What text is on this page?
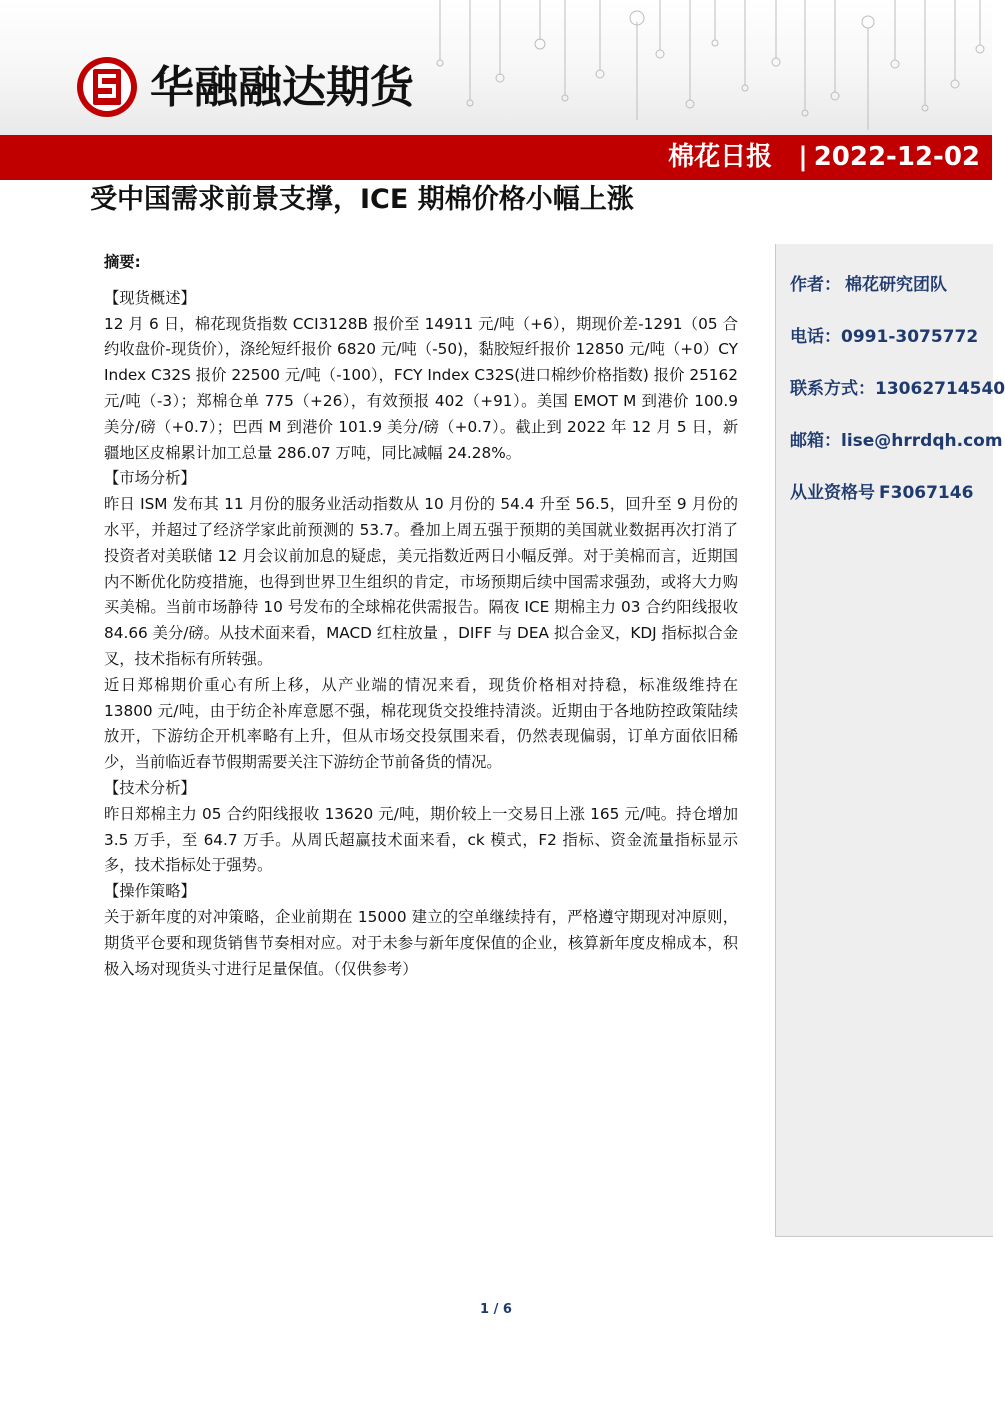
华融融达期货
棉花日报 | 2022-12-02
受中国需求前景支撑，ICE 期棉价格小幅上涨

摘要:

【现货概述】

12 月 6 日，棉花现货指数 CCI3128B 报价至 14911 元/吨（+6），期现价差-1291（05 合约收盘价-现货价），涤纶短纤报价 6820 元/吨（-50)，黏胶短纤报价 12850 元/吨（+0）CY Index C32S 报价 22500 元/吨（-100），FCY Index C32S(进口棉纱价格指数) 报价 25162 元/吨（-3）；郑棉仓单 775（+26），有效预报 402（+91）。美国 EMOT M 到港价 100.9 美分/磅（+0.7）；巴西 M 到港价 101.9 美分/磅（+0.7）。截止到 2022 年 12 月 5 日，新疆地区皮棉累计加工总量 286.07 万吨，同比减幅 24.28%。

【市场分析】

昨日 ISM 发布其 11 月份的服务业活动指数从 10 月份的 54.4 升至 56.5，回升至 9 月份的水平，并超过了经济学家此前预测的 53.7。叠加上周五强于预期的美国就业数据再次打消了投资者对美联储 12 月会议前加息的疑虑，美元指数近两日小幅反弹。对于美棉而言，近期国内不断优化防疫措施，也得到世界卫生组织的肯定，市场预期后续中国需求强劲，或将大力购买美棉。当前市场静待 10 号发布的全球棉花供需报告。隔夜 ICE 期棉主力 03 合约阳线报收 84.66 美分/磅。从技术面来看，MACD 红柱放量 ，DIFF 与 DEA 拟合金叉，KDJ 指标拟合金叉，技术指标有所转强。

近日郑棉期价重心有所上移，从产业端的情况来看，现货价格相对持稳，标准级维持在 13800 元/吨，由于纺企补库意愿不强，棉花现货交投维持清淡。近期由于各地防控政策陆续放开，下游纺企开机率略有上升，但从市场交投氛围来看，仍然表现偏弱，订单方面依旧稀少，当前临近春节假期需要关注下游纺企节前备货的情况。

【技术分析】

昨日郑棉主力 05 合约阳线报收 13620 元/吨，期价较上一交易日上涨 165 元/吨。持仓增加 3.5 万手，至 64.7 万手。从周氏超赢技术面来看，ck 模式，F2 指标、资金流量指标显示多，技术指标处于强势。

【操作策略】

关于新年度的对冲策略，企业前期在 15000 建立的空单继续持有，严格遵守期现对冲原则，期货平仓要和现货销售节奏相对应。对于未参与新年度保值的企业，核算新年度皮棉成本，积极入场对现货头寸进行足量保值。（仅供参考）

作者： 棉花研究团队
电话：0991-3075772
联系方式：13062714540
邮箱：lise@hrrdqh.com
从业资格号 F3067146
1 / 6
